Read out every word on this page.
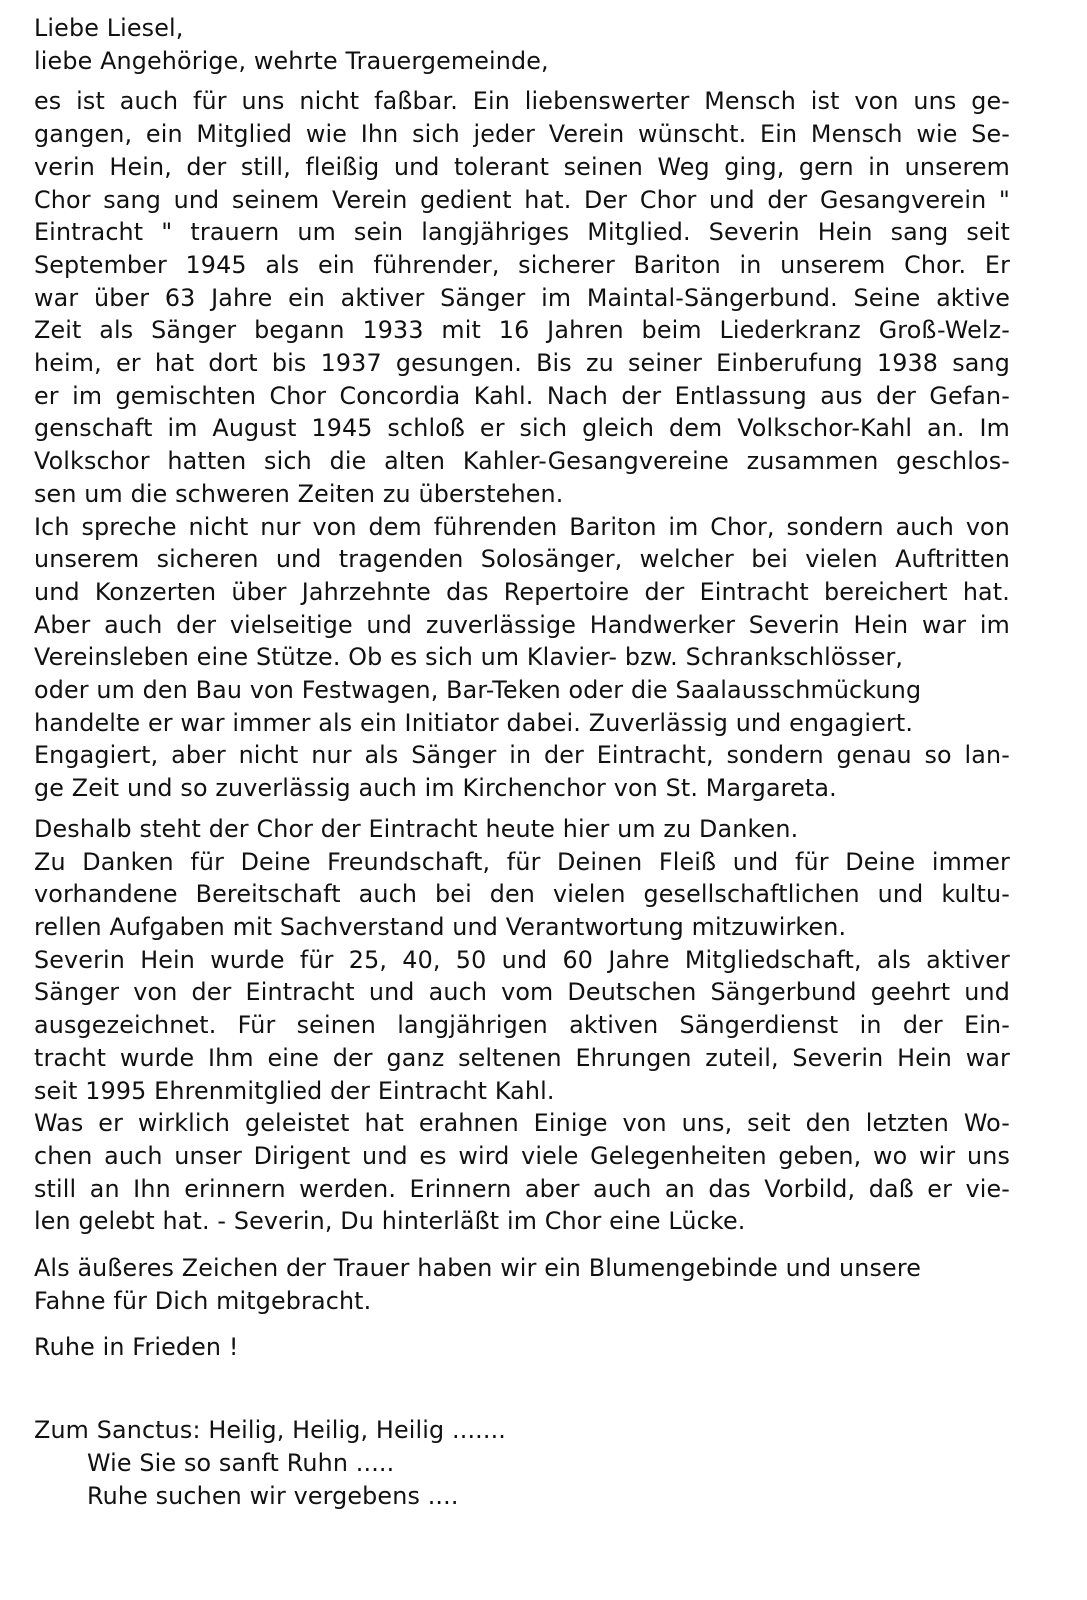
Liebe Liesel,
liebe Angehörige, wehrte Trauergemeinde,
es ist auch für uns nicht faßbar. Ein liebenswerter Mensch ist von uns ge-
gangen, ein Mitglied wie Ihn sich jeder Verein wünscht. Ein Mensch wie Se-
verin Hein, der still, fleißig und tolerant seinen Weg ging, gern in unserem
Chor sang und seinem Verein gedient hat. Der Chor und der Gesangverein "
Eintracht " trauern um sein langjähriges Mitglied. Severin Hein sang seit
September 1945 als ein führender, sicherer Bariton in unserem Chor. Er
war über 63 Jahre ein aktiver Sänger im Maintal-Sängerbund. Seine aktive
Zeit als Sänger begann 1933 mit 16 Jahren beim Liederkranz Groß-Welz-
heim, er hat dort bis 1937 gesungen. Bis zu seiner Einberufung 1938 sang
er im gemischten Chor Concordia Kahl. Nach der Entlassung aus der Gefan-
genschaft im August 1945 schloß er sich gleich dem Volkschor-Kahl an. Im
Volkschor hatten sich die alten Kahler-Gesangvereine zusammen geschlos-
sen um die schweren Zeiten zu überstehen.
Ich spreche nicht nur von dem führenden Bariton im Chor, sondern auch von
unserem sicheren und tragenden Solosänger, welcher bei vielen Auftritten
und Konzerten über Jahrzehnte das Repertoire der Eintracht bereichert hat.
Aber auch der vielseitige und zuverlässige Handwerker Severin Hein war im
Vereinsleben eine Stütze. Ob es sich um Klavier- bzw. Schrankschlösser,
oder um den Bau von Festwagen, Bar-Teken oder die Saalausschmückung
handelte er war immer als ein Initiator dabei. Zuverlässig und engagiert.
Engagiert, aber nicht nur als Sänger in der Eintracht, sondern genau so lan-
ge Zeit und so zuverlässig auch im Kirchenchor von St. Margareta.
Deshalb steht der Chor der Eintracht heute hier um zu Danken.
Zu Danken für Deine Freundschaft, für Deinen Fleiß und für Deine immer
vorhandene Bereitschaft auch bei den vielen gesellschaftlichen und kultu-
rellen Aufgaben mit Sachverstand und Verantwortung mitzuwirken.
Severin Hein wurde für 25, 40, 50 und 60 Jahre Mitgliedschaft, als aktiver
Sänger von der Eintracht und auch vom Deutschen Sängerbund geehrt und
ausgezeichnet. Für seinen langjährigen aktiven Sängerdienst in der Ein-
tracht wurde Ihm eine der ganz seltenen Ehrungen zuteil, Severin Hein war
seit 1995 Ehrenmitglied der Eintracht Kahl.
Was er wirklich geleistet hat erahnen Einige von uns, seit den letzten Wo-
chen auch unser Dirigent und es wird viele Gelegenheiten geben, wo wir uns
still an Ihn erinnern werden. Erinnern aber auch an das Vorbild, daß er vie-
len gelebt hat. - Severin, Du hinterläßt im Chor eine Lücke.
Als äußeres Zeichen der Trauer haben wir ein Blumengebinde und unsere
Fahne für Dich mitgebracht.
Ruhe in Frieden !
Zum Sanctus: Heilig, Heilig, Heilig .......
Wie Sie so sanft Ruhn .....
Ruhe suchen wir vergebens ....
